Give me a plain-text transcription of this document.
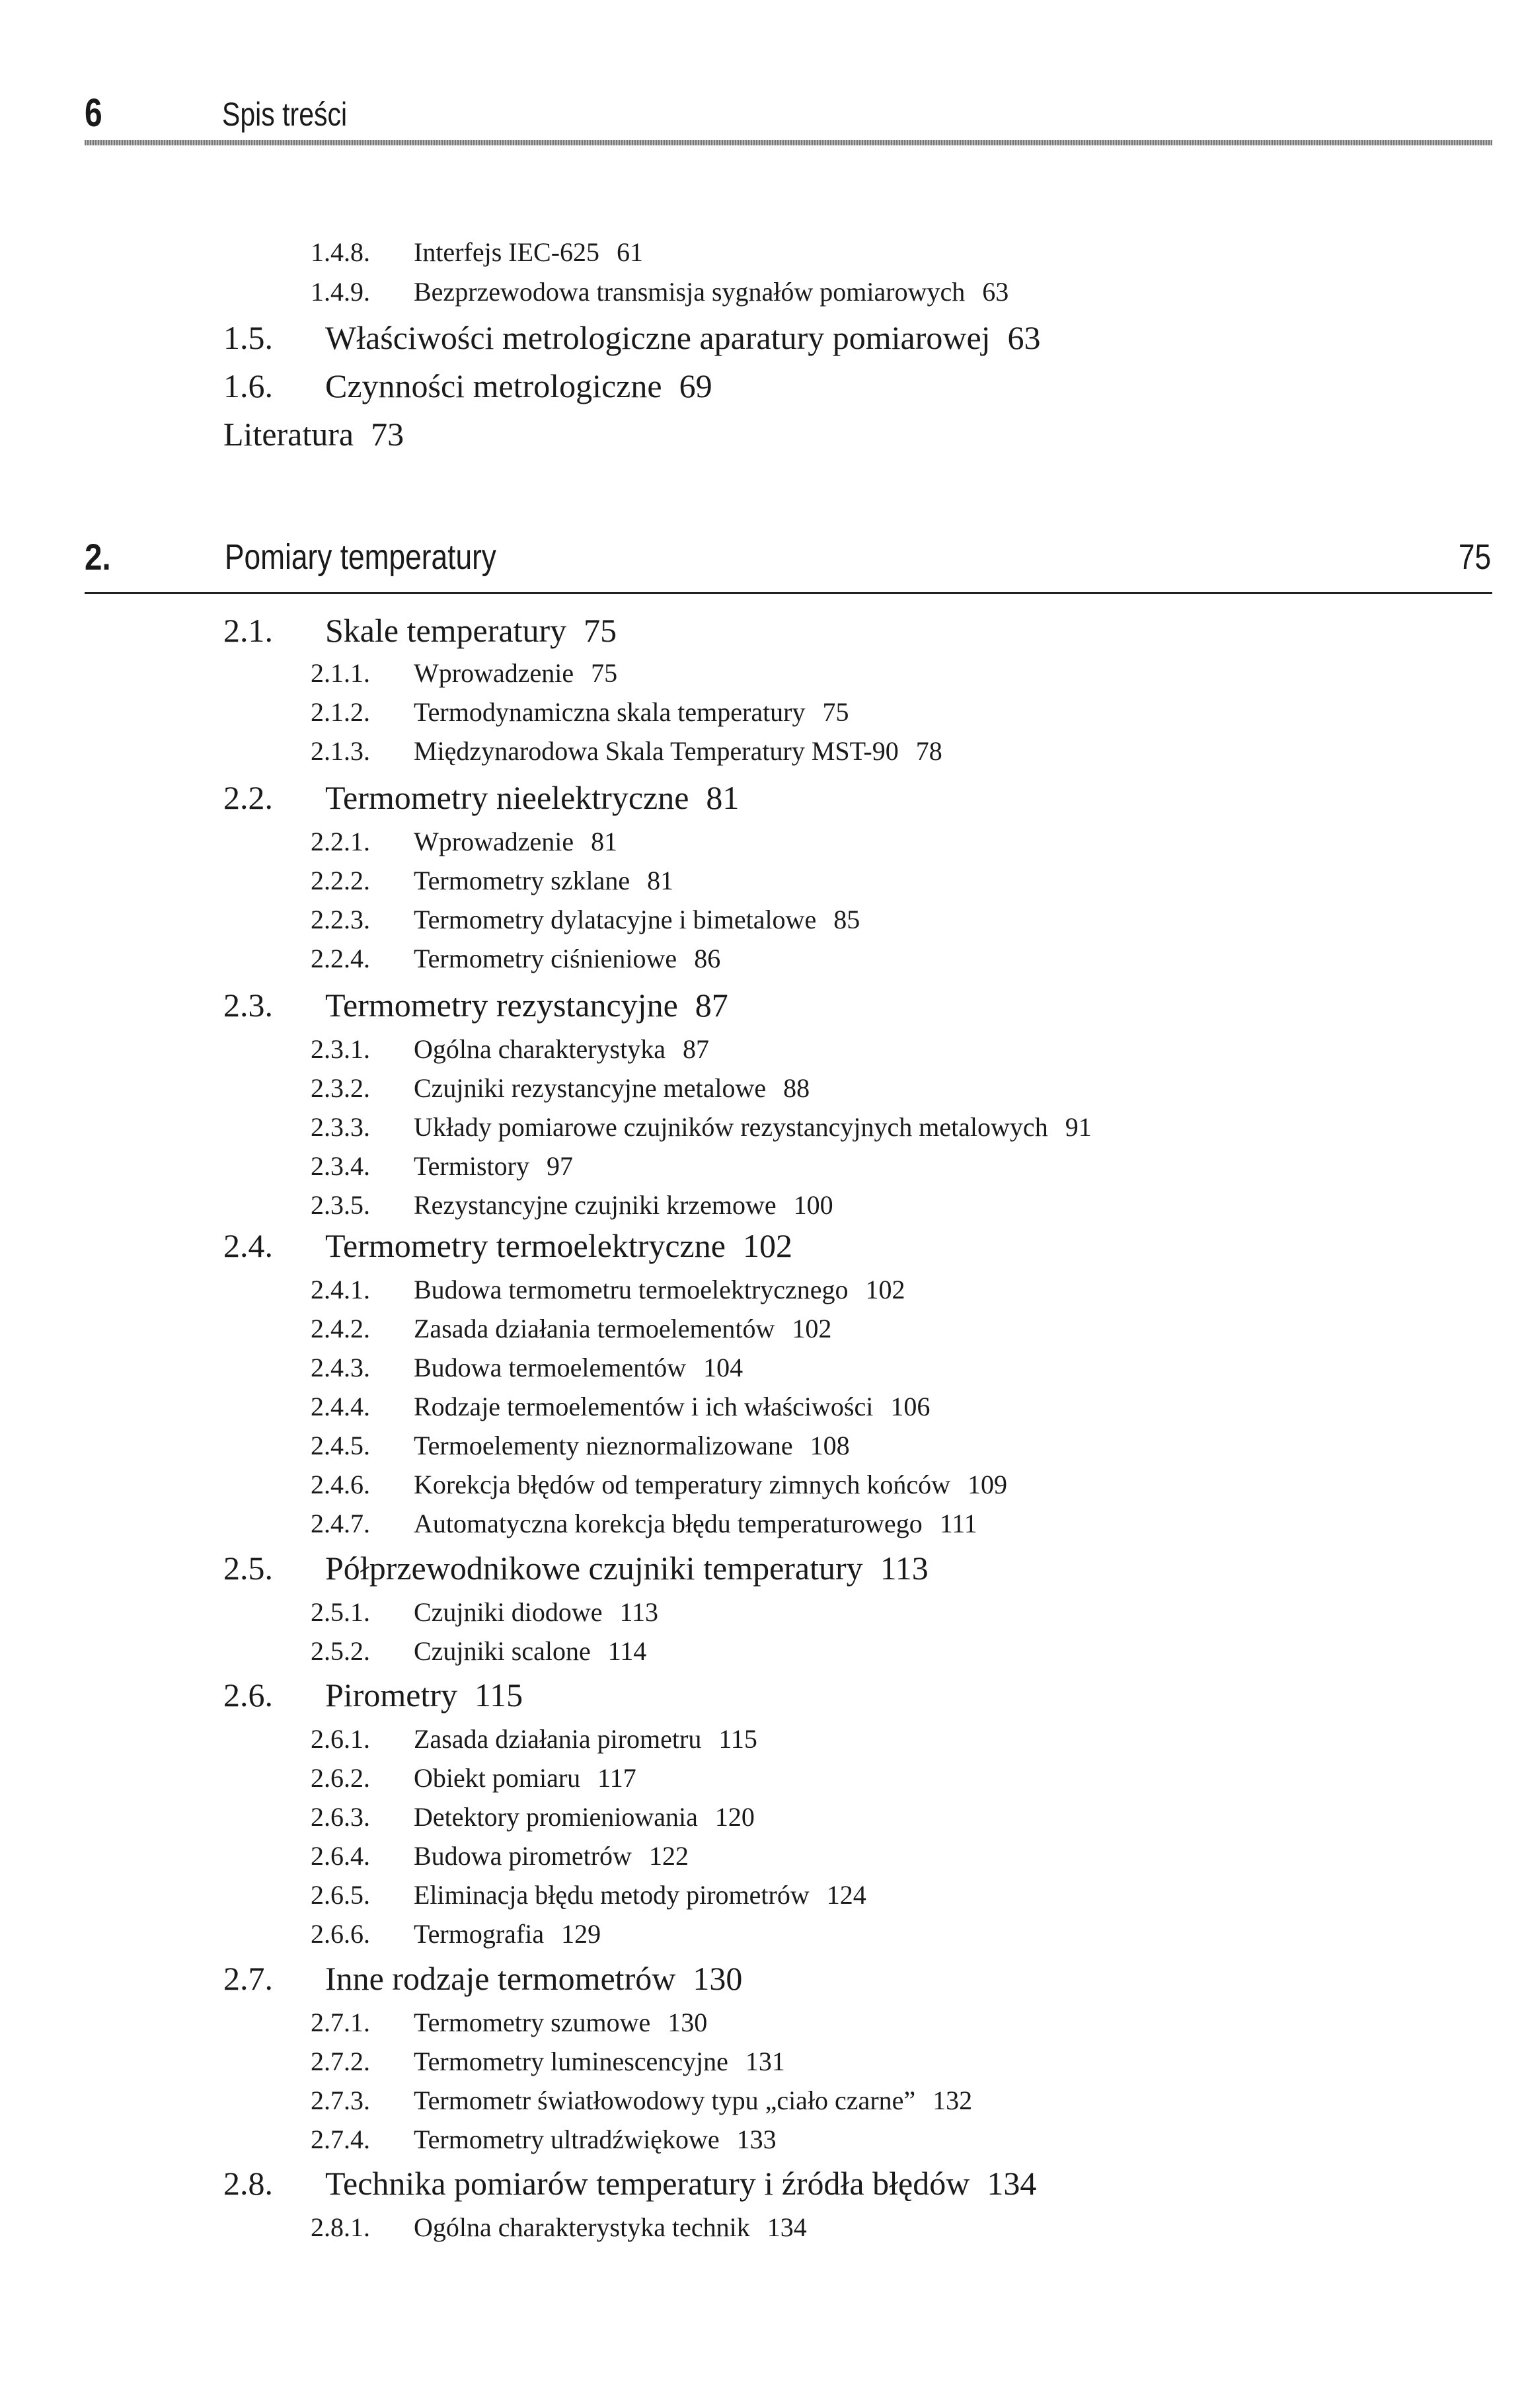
6	Spis treści
1.4.8. Interfejs IEC-625 61
1.4.9. Bezprzewodowa transmisja sygnałów pomiarowych 63
1.5. Właściwości metrologiczne aparatury pomiarowej 63
1.6. Czynności metrologiczne 69
Literatura 73
2.	Pomiary temperatury	75
2.1. Skale temperatury 75
2.1.1. Wprowadzenie 75
2.1.2. Termodynamiczna skala temperatury 75
2.1.3. Międzynarodowa Skala Temperatury MST-90 78
2.2. Termometry nieelektryczne 81
2.2.1. Wprowadzenie 81
2.2.2. Termometry szklane 81
2.2.3. Termometry dylatacyjne i bimetalowe 85
2.2.4. Termometry ciśnieniowe 86
2.3. Termometry rezystancyjne 87
2.3.1. Ogólna charakterystyka 87
2.3.2. Czujniki rezystancyjne metalowe 88
2.3.3. Układy pomiarowe czujników rezystancyjnych metalowych 91
2.3.4. Termistory 97
2.3.5. Rezystancyjne czujniki krzemowe 100
2.4. Termometry termoelektryczne 102
2.4.1. Budowa termometru termoelektrycznego 102
2.4.2. Zasada działania termoelementów 102
2.4.3. Budowa termoelementów 104
2.4.4. Rodzaje termoelementów i ich właściwości 106
2.4.5. Termoelementy nieznormalizowane 108
2.4.6. Korekcja błędów od temperatury zimnych końców 109
2.4.7. Automatyczna korekcja błędu temperaturowego 111
2.5. Półprzewodnikowe czujniki temperatury 113
2.5.1. Czujniki diodowe 113
2.5.2. Czujniki scalone 114
2.6. Pirometry 115
2.6.1. Zasada działania pirometru 115
2.6.2. Obiekt pomiaru 117
2.6.3. Detektory promieniowania 120
2.6.4. Budowa pirometrów 122
2.6.5. Eliminacja błędu metody pirometrów 124
2.6.6. Termografia 129
2.7. Inne rodzaje termometrów 130
2.7.1. Termometry szumowe 130
2.7.2. Termometry luminescencyjne 131
2.7.3. Termometr światłowodowy typu „ciało czarne” 132
2.7.4. Termometry ultradźwiękowe 133
2.8. Technika pomiarów temperatury i źródła błędów 134
2.8.1. Ogólna charakterystyka technik 134
